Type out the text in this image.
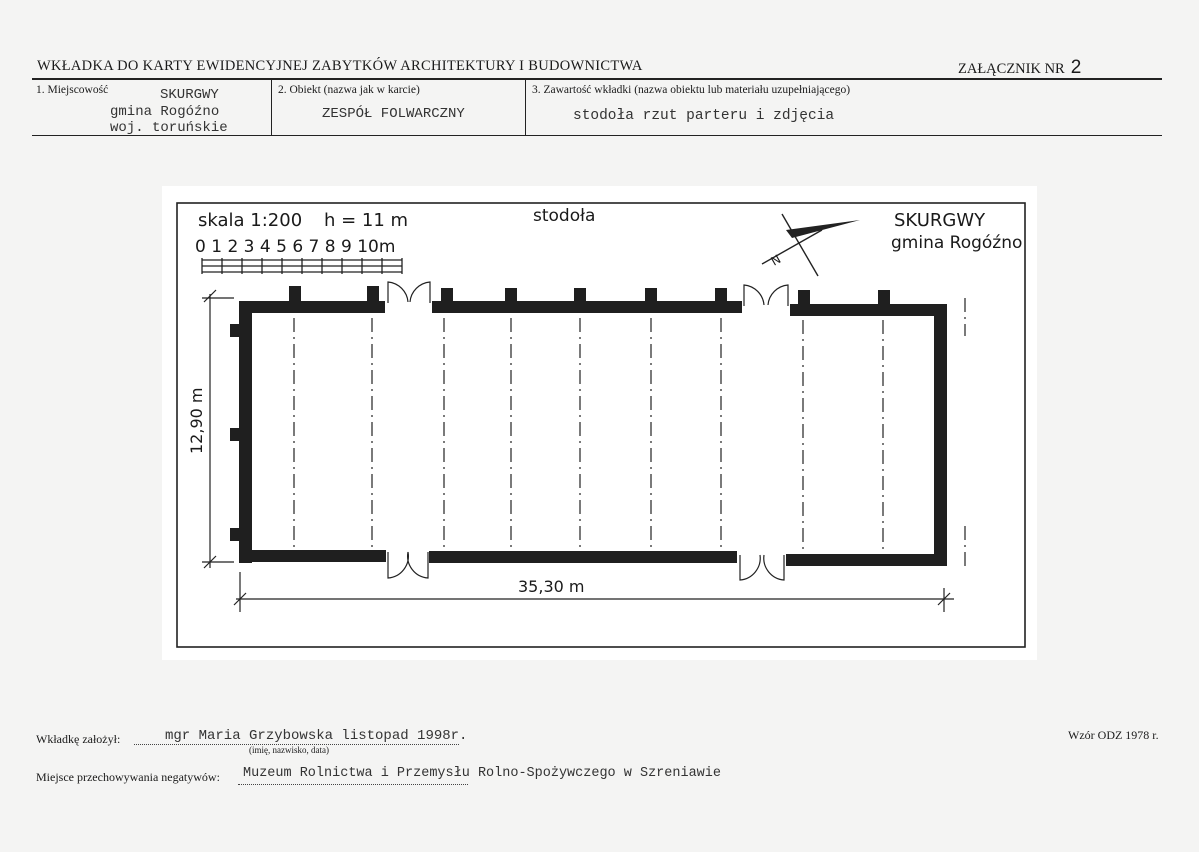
WKŁADKA DO KARTY EWIDENCYJNEJ ZABYTKÓW ARCHITEKTURY I BUDOWNICTWA	ZAŁĄCZNIK NR 2
1. Miejscowość	SKURGWY
gmina Rogóźno
woj. toruńskie
2. Obiekt (nazwa jak w karcie)
ZESPÓŁ FOLWARCZNY
3. Zawartość wkładki (nazwa obiektu lub materiału uzupełniającego)
stodoła rzut parteru i zdjęcia
skala 1:200 h = 11 m	stodoła
0 1 2 3 4 5 6 7 8 9 10m
SKURGWY
gmina Rogóźno
N
12,90 m
35,30 m
Wkładkę założył:	mgr Maria Grzybowska listopad 1998r.
(imię, nazwisko, data)
Wzór ODZ 1978 r.
Miejsce przechowywania negatywów: Muzeum Rolnictwa i Przemysłu Rolno-Spożywczego w Szreniawie
